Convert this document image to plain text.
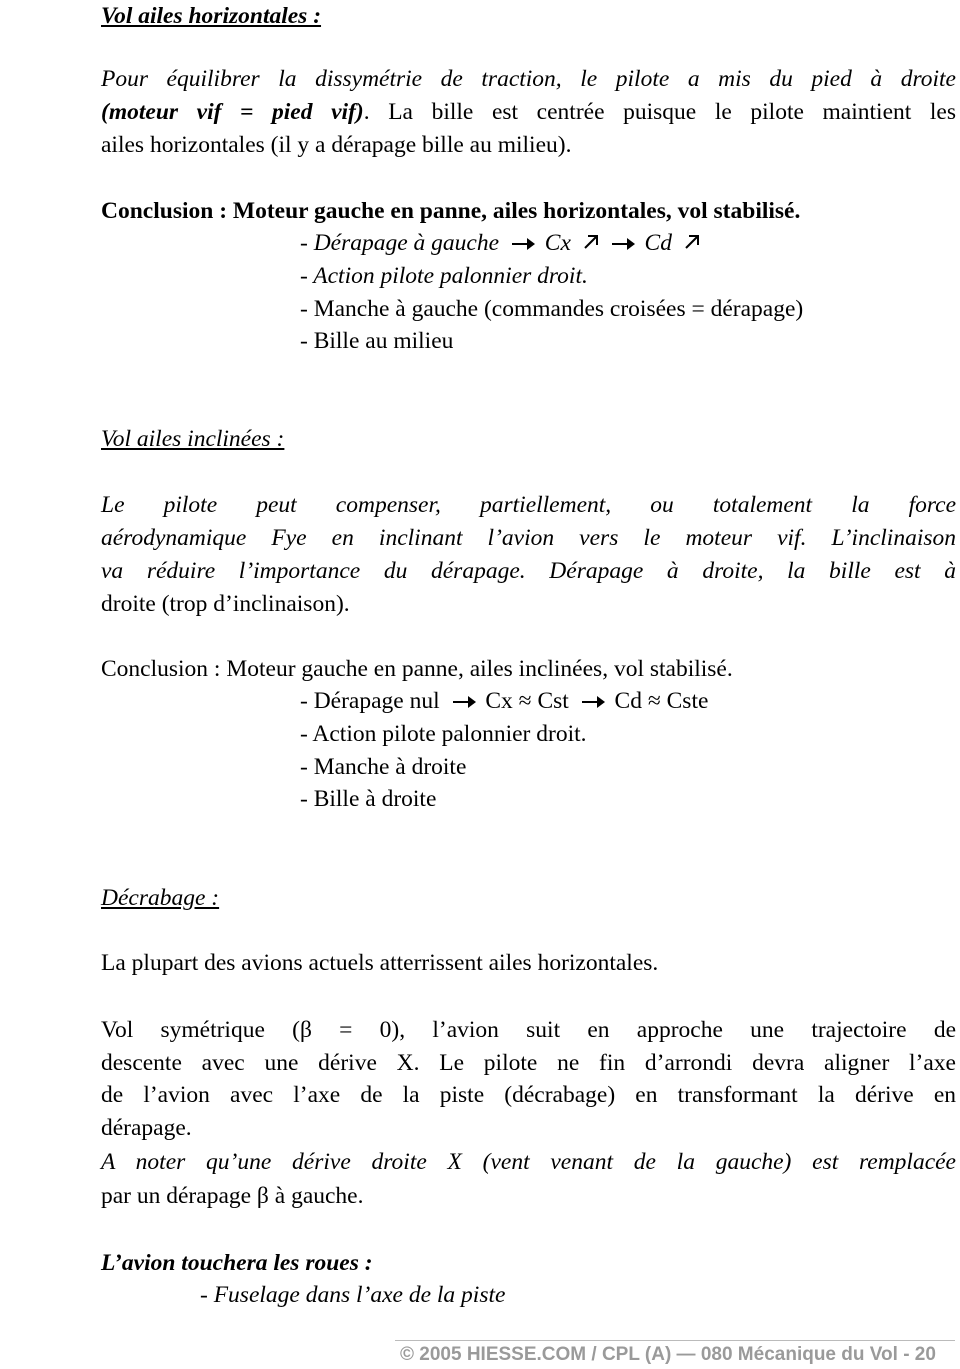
Vol ailes horizontales :
Pour équilibrer la dissymétrie de traction, le pilote a mis du pied à droite
(moteur vif = pied vif). La bille est centrée puisque le pilote maintient les
ailes horizontales (il y a dérapage bille au milieu).
Conclusion : Moteur gauche en panne, ailes horizontales, vol stabilisé.
- Dérapage à gauche Cx	Cd
- Action pilote palonnier droit.
- Manche à gauche (commandes croisées = dérapage)
- Bille au milieu
Vol ailes inclinées :
Le pilote peut compenser, partiellement, ou totalement la force
aérodynamique Fye en inclinant l’avion vers le moteur vif. L’inclinaison
va réduire l’importance du dérapage. Dérapage à droite, la bille est à
droite (trop d’inclinaison).
Conclusion : Moteur gauche en panne, ailes inclinées, vol stabilisé.
- Dérapage nul Cx ≈ Cst Cd ≈ Cste
- Action pilote palonnier droit.
- Manche à droite
- Bille à droite
Décrabage :
La plupart des avions actuels atterrissent ailes horizontales.
Vol symétrique (β = 0), l’avion suit en approche une trajectoire de
descente avec une dérive X. Le pilote ne fin d’arrondi devra aligner l’axe
de l’avion avec l’axe de la piste (décrabage) en transformant la dérive en
dérapage.
A noter qu’une dérive droite X (vent venant de la gauche) est remplacée
par un dérapage β à gauche.
L’avion touchera les roues :
- Fuselage dans l’axe de la piste
© 2005 HIESSE.COM / CPL (A) — 080 Mécanique du Vol - 20
